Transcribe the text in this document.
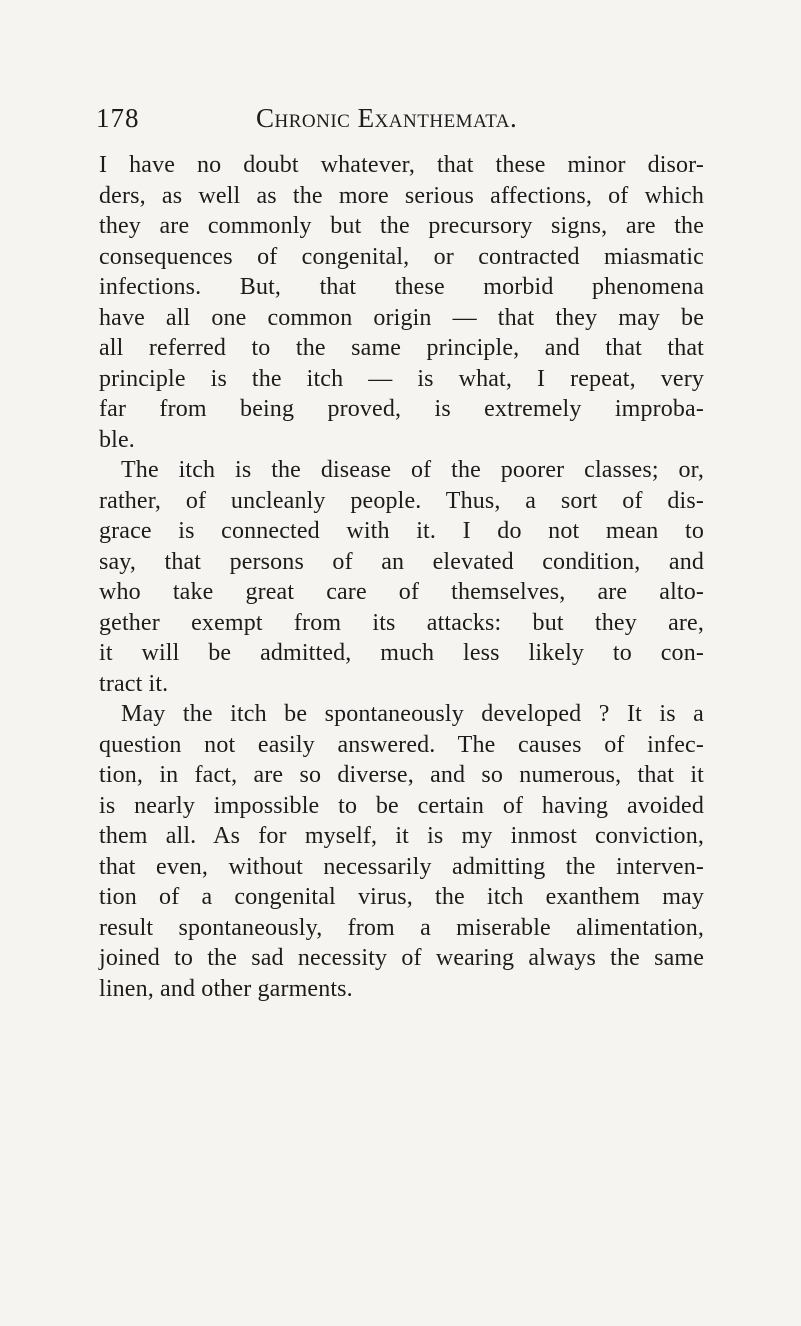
178	Chronic Exanthemata.
I have no doubt whatever, that these minor disor-
ders, as well as the more serious affections, of which
they are commonly but the precursory signs, are the
consequences of congenital, or contracted miasmatic
infections. But, that these morbid phenomena
have all one common origin — that they may be
all referred to the same principle, and that that
principle is the itch — is what, I repeat, very
far from being proved, is extremely improba-
ble.
The itch is the disease of the poorer classes; or,
rather, of uncleanly people. Thus, a sort of dis-
grace is connected with it. I do not mean to
say, that persons of an elevated condition, and
who take great care of themselves, are alto-
gether exempt from its attacks: but they are,
it will be admitted, much less likely to con-
tract it.
May the itch be spontaneously developed ? It is a
question not easily answered. The causes of infec-
tion, in fact, are so diverse, and so numerous, that it
is nearly impossible to be certain of having avoided
them all. As for myself, it is my inmost conviction,
that even, without necessarily admitting the interven-
tion of a congenital virus, the itch exanthem may
result spontaneously, from a miserable alimentation,
joined to the sad necessity of wearing always the same
linen, and other garments.
